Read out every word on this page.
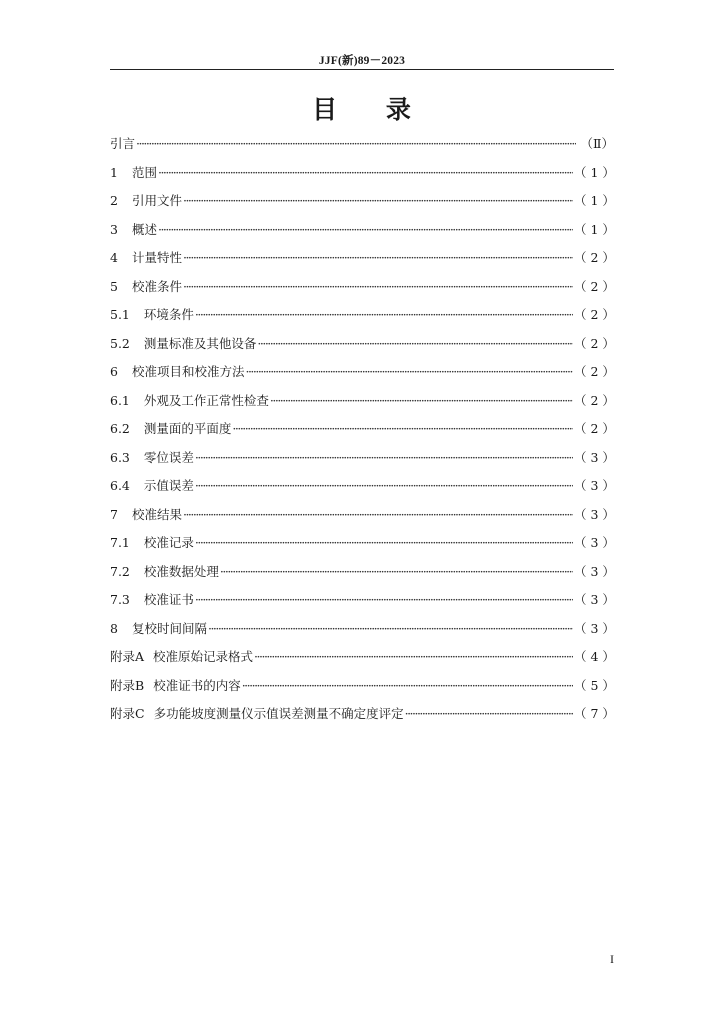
JJF(新)89－2023
目 录
引言 ·····	（Ⅱ）
1 范围 ·····	（ 1 ）
2 引用文件 ·····	（ 1 ）
3 概述 ·····	（ 1 ）
4 计量特性 ·····	（ 2 ）
5 校准条件 ·····	（ 2 ）
5.1 环境条件 ·····	（ 2 ）
5.2 测量标准及其他设备 ·····	（ 2 ）
6 校准项目和校准方法 ·····	（ 2 ）
6.1 外观及工作正常性检查 ·····	（ 2 ）
6.2 测量面的平面度 ·····	（ 2 ）
6.3 零位误差 ·····	（ 3 ）
6.4 示值误差 ·····	（ 3 ）
7 校准结果 ·····	（ 3 ）
7.1 校准记录 ·····	（ 3 ）
7.2 校准数据处理 ·····	（ 3 ）
7.3 校准证书 ·····	（ 3 ）
8 复校时间间隔 ·····	（ 3 ）
附录A 校准原始记录格式 ·····	（ 4 ）
附录B 校准证书的内容 ·····	（ 5 ）
附录C 多功能坡度测量仪示值误差测量不确定度评定 ·····	（ 7 ）
I
